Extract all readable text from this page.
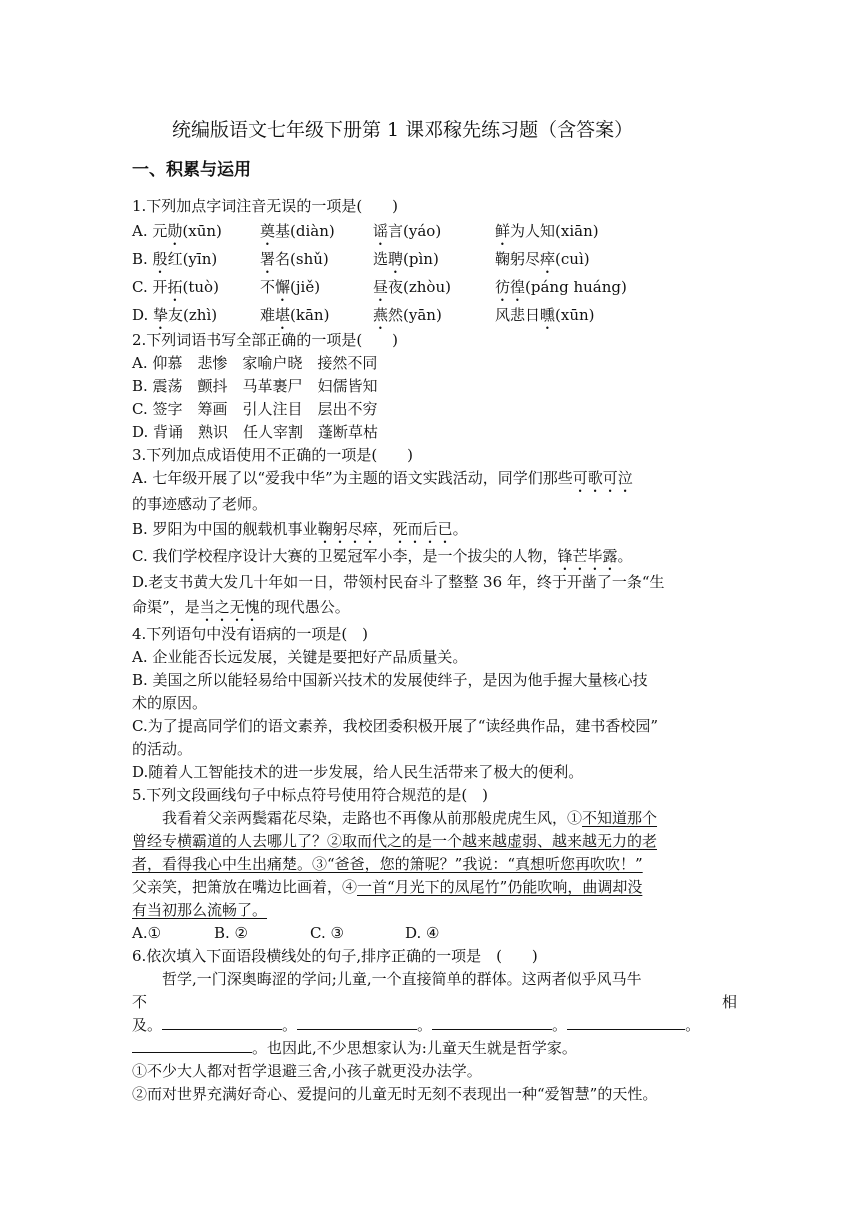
统编版语文七年级下册第 1 课邓稼先练习题（含答案）
一、积累与运用
1.下列加点字词注音无误的一项是(　　)
A. 元勋(xūn)	奠基(diàn)	谣言(yáo)	鲜为人知(xiān)
B. 殷红(yīn)	署名(shǔ)	选聘(pìn)	鞠躬尽瘁(cuì)
C. 开拓(tuò)	不懈(jiě)	昼夜(zhòu)	彷徨(páng huáng)
D. 挚友(zhì)	难堪(kān)	燕然(yān)	风悲日曛(xūn)
2.下列词语书写全部正确的一项是(　　)
A. 仰慕　悲惨　家喻户晓　接然不同
B. 震荡　颤抖　马革裹尸　妇儒皆知
C. 签字　筹画　引人注目　层出不穷
D. 背诵　熟识　任人宰割　蓬断草枯
3.下列加点成语使用不正确的一项是(　　)
A. 七年级开展了以“爱我中华”为主题的语文实践活动，同学们那些可歌可泣
的事迹感动了老师。
B. 罗阳为中国的舰载机事业鞠躬尽瘁，死而后已。
C. 我们学校程序设计大赛的卫冕冠军小李，是一个拔尖的人物，锋芒毕露。
D.老支书黄大发几十年如一日，带领村民奋斗了整整 36 年，终于开凿了一条“生
命渠”，是当之无愧的现代愚公。
4.下列语句中没有语病的一项是(　)
A. 企业能否长远发展，关键是要把好产品质量关。
B. 美国之所以能轻易给中国新兴技术的发展使绊子，是因为他手握大量核心技
术的原因。
C.为了提高同学们的语文素养，我校团委积极开展了“读经典作品，建书香校园”
的活动。
D.随着人工智能技术的进一步发展，给人民生活带来了极大的便利。
5.下列文段画线句子中标点符号使用符合规范的是(　)
　　我看着父亲两鬓霜花尽染，走路也不再像从前那般虎虎生风，①不知道那个
曾经专横霸道的人去哪儿了？②取而代之的是一个越来越虚弱、越来越无力的老
者，看得我心中生出痛楚。③“爸爸，您的箫呢？”我说：“真想听您再吹吹！”
父亲笑，把箫放在嘴边比画着，④一首“月光下的凤尾竹”仍能吹响，曲调却没
有当初那么流畅了。
A.①	B. ②	C. ③	D. ④
6.依次填入下面语段横线处的句子,排序正确的一项是　(　　)
　　哲学,一门深奥晦涩的学问;儿童,一个直接简单的群体。这两者似乎风马牛
不	相
及。	。	。	。	。
。也因此,不少思想家认为:儿童天生就是哲学家。
①不少大人都对哲学退避三舍,小孩子就更没办法学。
②而对世界充满好奇心、爱提问的儿童无时无刻不表现出一种“爱智慧”的天性。
